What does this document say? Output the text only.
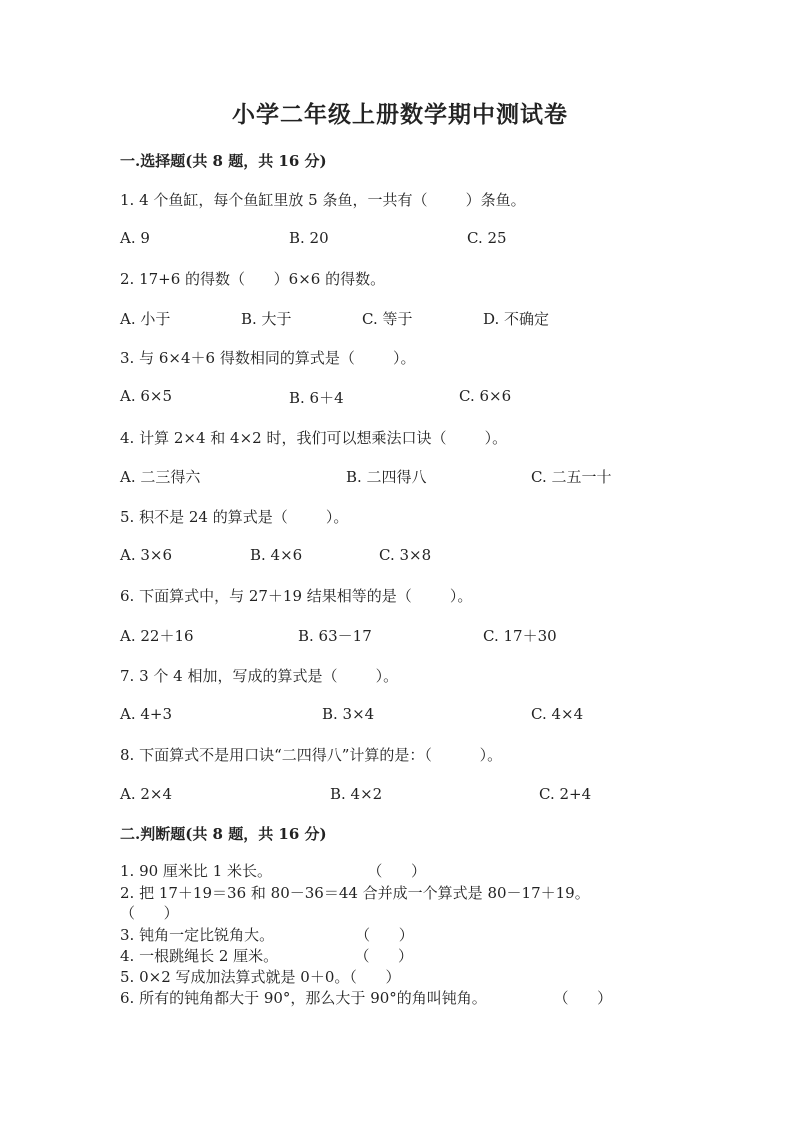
小学二年级上册数学期中测试卷
一.选择题(共 8 题，共 16 分)
1. 4 个鱼缸，每个鱼缸里放 5 条鱼，一共有（        ）条鱼。
A. 9	B. 20	C. 25
2. 17+6 的得数（      ）6×6 的得数。
A. 小于	B. 大于	C. 等于	D. 不确定
3. 与 6×4＋6 得数相同的算式是（        ）。
A. 6×5	B. 6＋4	C. 6×6
4. 计算 2×4 和 4×2 时，我们可以想乘法口诀（        ）。
A. 二三得六	B. 二四得八	C. 二五一十
5. 积不是 24 的算式是（        ）。
A. 3×6	B. 4×6	C. 3×8
6. 下面算式中，与 27＋19 结果相等的是（        ）。
A. 22＋16	B. 63－17	C. 17＋30
7. 3 个 4 相加，写成的算式是（        ）。
A. 4+3	B. 3×4	C. 4×4
8. 下面算式不是用口诀“二四得八”计算的是：（          ）。
A. 2×4	B. 4×2	C. 2+4
二.判断题(共 8 题，共 16 分)
1. 90 厘米比 1 米长。                    （      ）
2. 把 17＋19＝36 和 80－36＝44 合并成一个算式是 80－17＋19。
（      ）
3. 钝角一定比锐角大。                 （      ）
4. 一根跳绳长 2 厘米。                （      ）
5. 0×2 写成加法算式就是 0＋0。（      ）
6. 所有的钝角都大于 90°，那么大于 90°的角叫钝角。              （      ）
